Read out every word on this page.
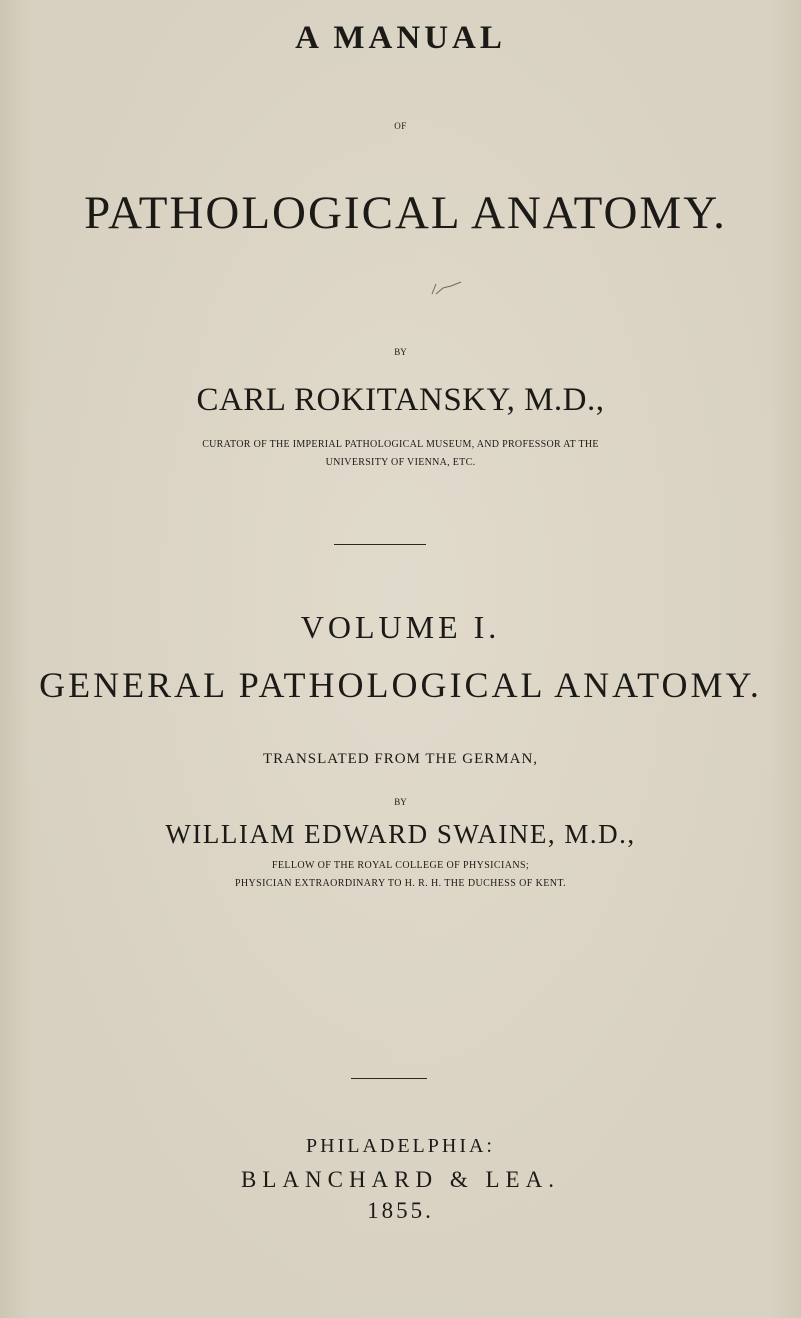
A MANUAL
OF
PATHOLOGICAL ANATOMY.
BY
CARL ROKITANSKY, M.D.,
CURATOR OF THE IMPERIAL PATHOLOGICAL MUSEUM, AND PROFESSOR AT THE
UNIVERSITY OF VIENNA, ETC.
VOLUME I.
GENERAL PATHOLOGICAL ANATOMY.
TRANSLATED FROM THE GERMAN,
BY
WILLIAM EDWARD SWAINE, M.D.,
FELLOW OF THE ROYAL COLLEGE OF PHYSICIANS;
PHYSICIAN EXTRAORDINARY TO H. R. H. THE DUCHESS OF KENT.
PHILADELPHIA:
BLANCHARD & LEA.
1855.
